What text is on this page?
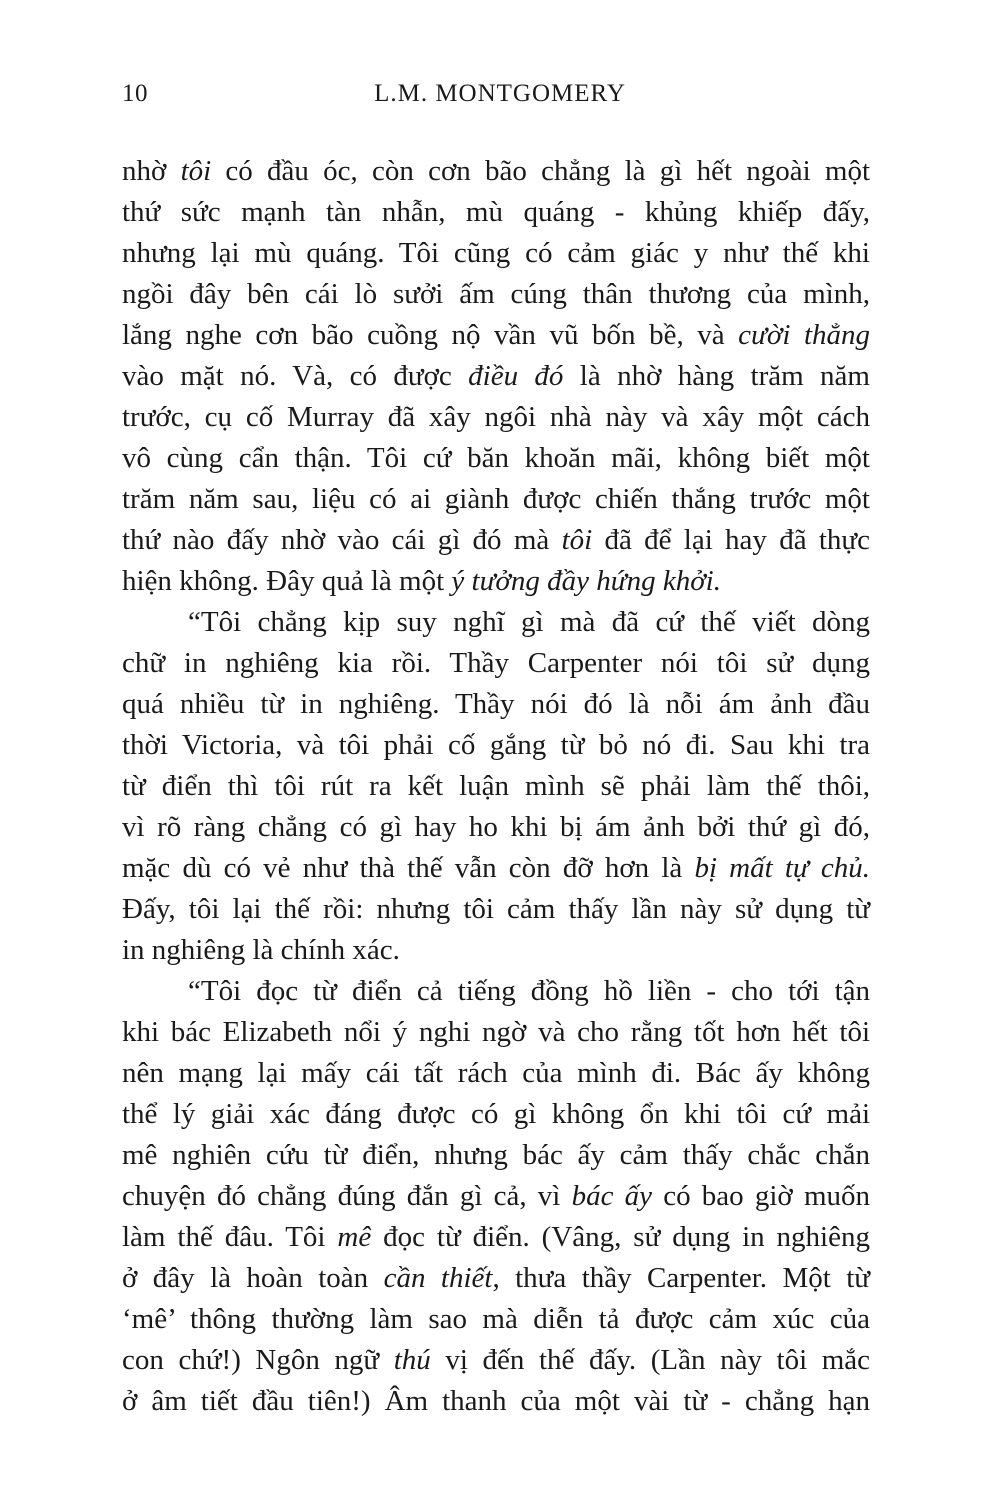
10	L.M. MONTGOMERY
nhờ tôi có đầu óc, còn cơn bão chẳng là gì hết ngoài một
thứ sức mạnh tàn nhẫn, mù quáng - khủng khiếp đấy,
nhưng lại mù quáng. Tôi cũng có cảm giác y như thế khi
ngồi đây bên cái lò sưởi ấm cúng thân thương của mình,
lắng nghe cơn bão cuồng nộ vần vũ bốn bề, và cười thẳng
vào mặt nó. Và, có được điều đó là nhờ hàng trăm năm
trước, cụ cố Murray đã xây ngôi nhà này và xây một cách
vô cùng cẩn thận. Tôi cứ băn khoăn mãi, không biết một
trăm năm sau, liệu có ai giành được chiến thắng trước một
thứ nào đấy nhờ vào cái gì đó mà tôi đã để lại hay đã thực
hiện không. Đây quả là một ý tưởng đầy hứng khởi.
“Tôi chẳng kịp suy nghĩ gì mà đã cứ thế viết dòng
chữ in nghiêng kia rồi. Thầy Carpenter nói tôi sử dụng
quá nhiều từ in nghiêng. Thầy nói đó là nỗi ám ảnh đầu
thời Victoria, và tôi phải cố gắng từ bỏ nó đi. Sau khi tra
từ điển thì tôi rút ra kết luận mình sẽ phải làm thế thôi,
vì rõ ràng chẳng có gì hay ho khi bị ám ảnh bởi thứ gì đó,
mặc dù có vẻ như thà thế vẫn còn đỡ hơn là bị mất tự chủ.
Đấy, tôi lại thế rồi: nhưng tôi cảm thấy lần này sử dụng từ
in nghiêng là chính xác.
“Tôi đọc từ điển cả tiếng đồng hồ liền - cho tới tận
khi bác Elizabeth nổi ý nghi ngờ và cho rằng tốt hơn hết tôi
nên mạng lại mấy cái tất rách của mình đi. Bác ấy không
thể lý giải xác đáng được có gì không ổn khi tôi cứ mải
mê nghiên cứu từ điển, nhưng bác ấy cảm thấy chắc chắn
chuyện đó chẳng đúng đắn gì cả, vì bác ấy có bao giờ muốn
làm thế đâu. Tôi mê đọc từ điển. (Vâng, sử dụng in nghiêng
ở đây là hoàn toàn cần thiết, thưa thầy Carpenter. Một từ
‘mê’ thông thường làm sao mà diễn tả được cảm xúc của
con chứ!) Ngôn ngữ thú vị đến thế đấy. (Lần này tôi mắc
ở âm tiết đầu tiên!) Âm thanh của một vài từ - chẳng hạn
